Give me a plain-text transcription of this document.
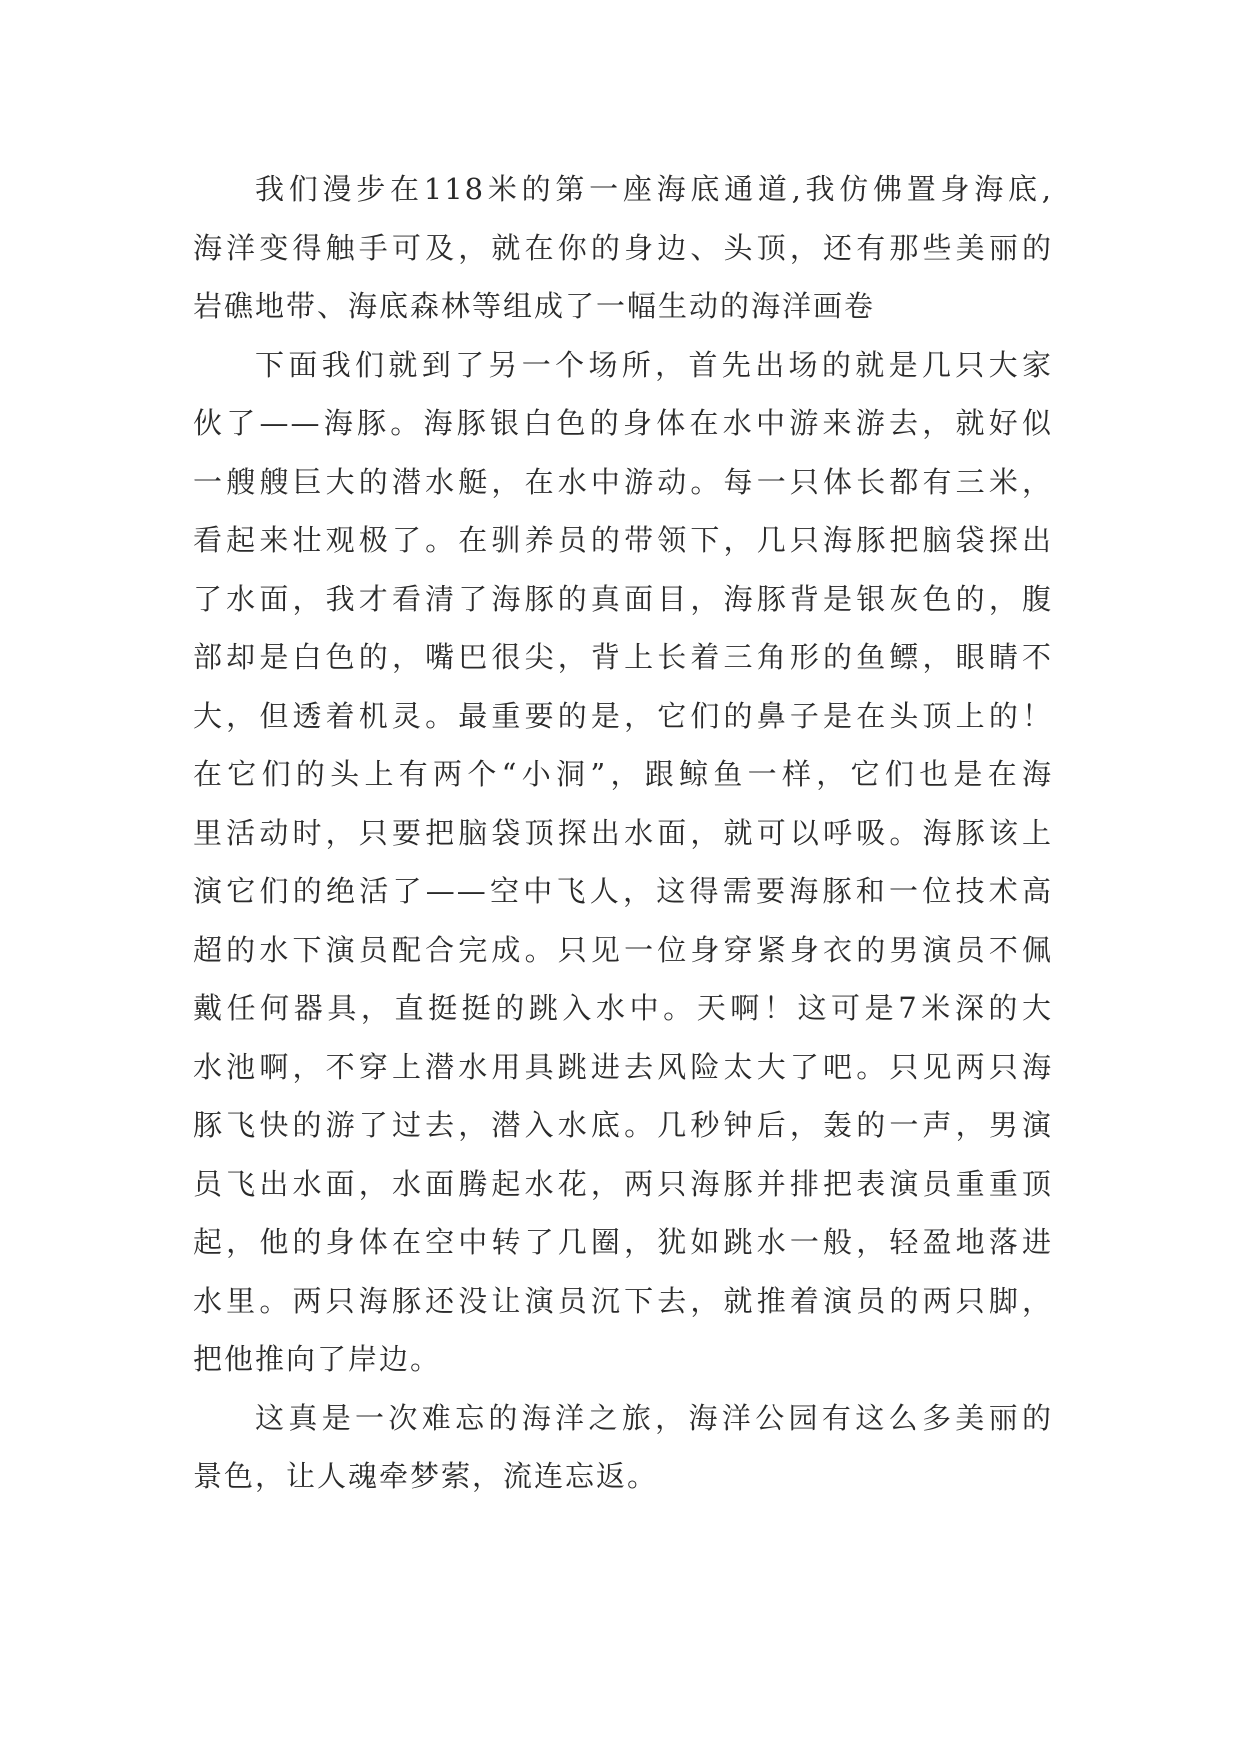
我们漫步在118米的第一座海底通道,我仿佛置身海底,
海洋变得触手可及，就在你的身边、头顶，还有那些美丽的
岩礁地带、海底森林等组成了一幅生动的海洋画卷
下面我们就到了另一个场所，首先出场的就是几只大家
伙了——海豚。海豚银白色的身体在水中游来游去，就好似
一艘艘巨大的潜水艇，在水中游动。每一只体长都有三米，
看起来壮观极了。在驯养员的带领下，几只海豚把脑袋探出
了水面，我才看清了海豚的真面目，海豚背是银灰色的，腹
部却是白色的，嘴巴很尖，背上长着三角形的鱼鳔，眼睛不
大，但透着机灵。最重要的是，它们的鼻子是在头顶上的！
在它们的头上有两个“小洞”，跟鲸鱼一样，它们也是在海
里活动时，只要把脑袋顶探出水面，就可以呼吸。海豚该上
演它们的绝活了——空中飞人，这得需要海豚和一位技术高
超的水下演员配合完成。只见一位身穿紧身衣的男演员不佩
戴任何器具，直挺挺的跳入水中。天啊！这可是7米深的大
水池啊，不穿上潜水用具跳进去风险太大了吧。只见两只海
豚飞快的游了过去，潜入水底。几秒钟后，轰的一声，男演
员飞出水面，水面腾起水花，两只海豚并排把表演员重重顶
起，他的身体在空中转了几圈，犹如跳水一般，轻盈地落进
水里。两只海豚还没让演员沉下去，就推着演员的两只脚，
把他推向了岸边。
这真是一次难忘的海洋之旅，海洋公园有这么多美丽的
景色，让人魂牵梦萦，流连忘返。
